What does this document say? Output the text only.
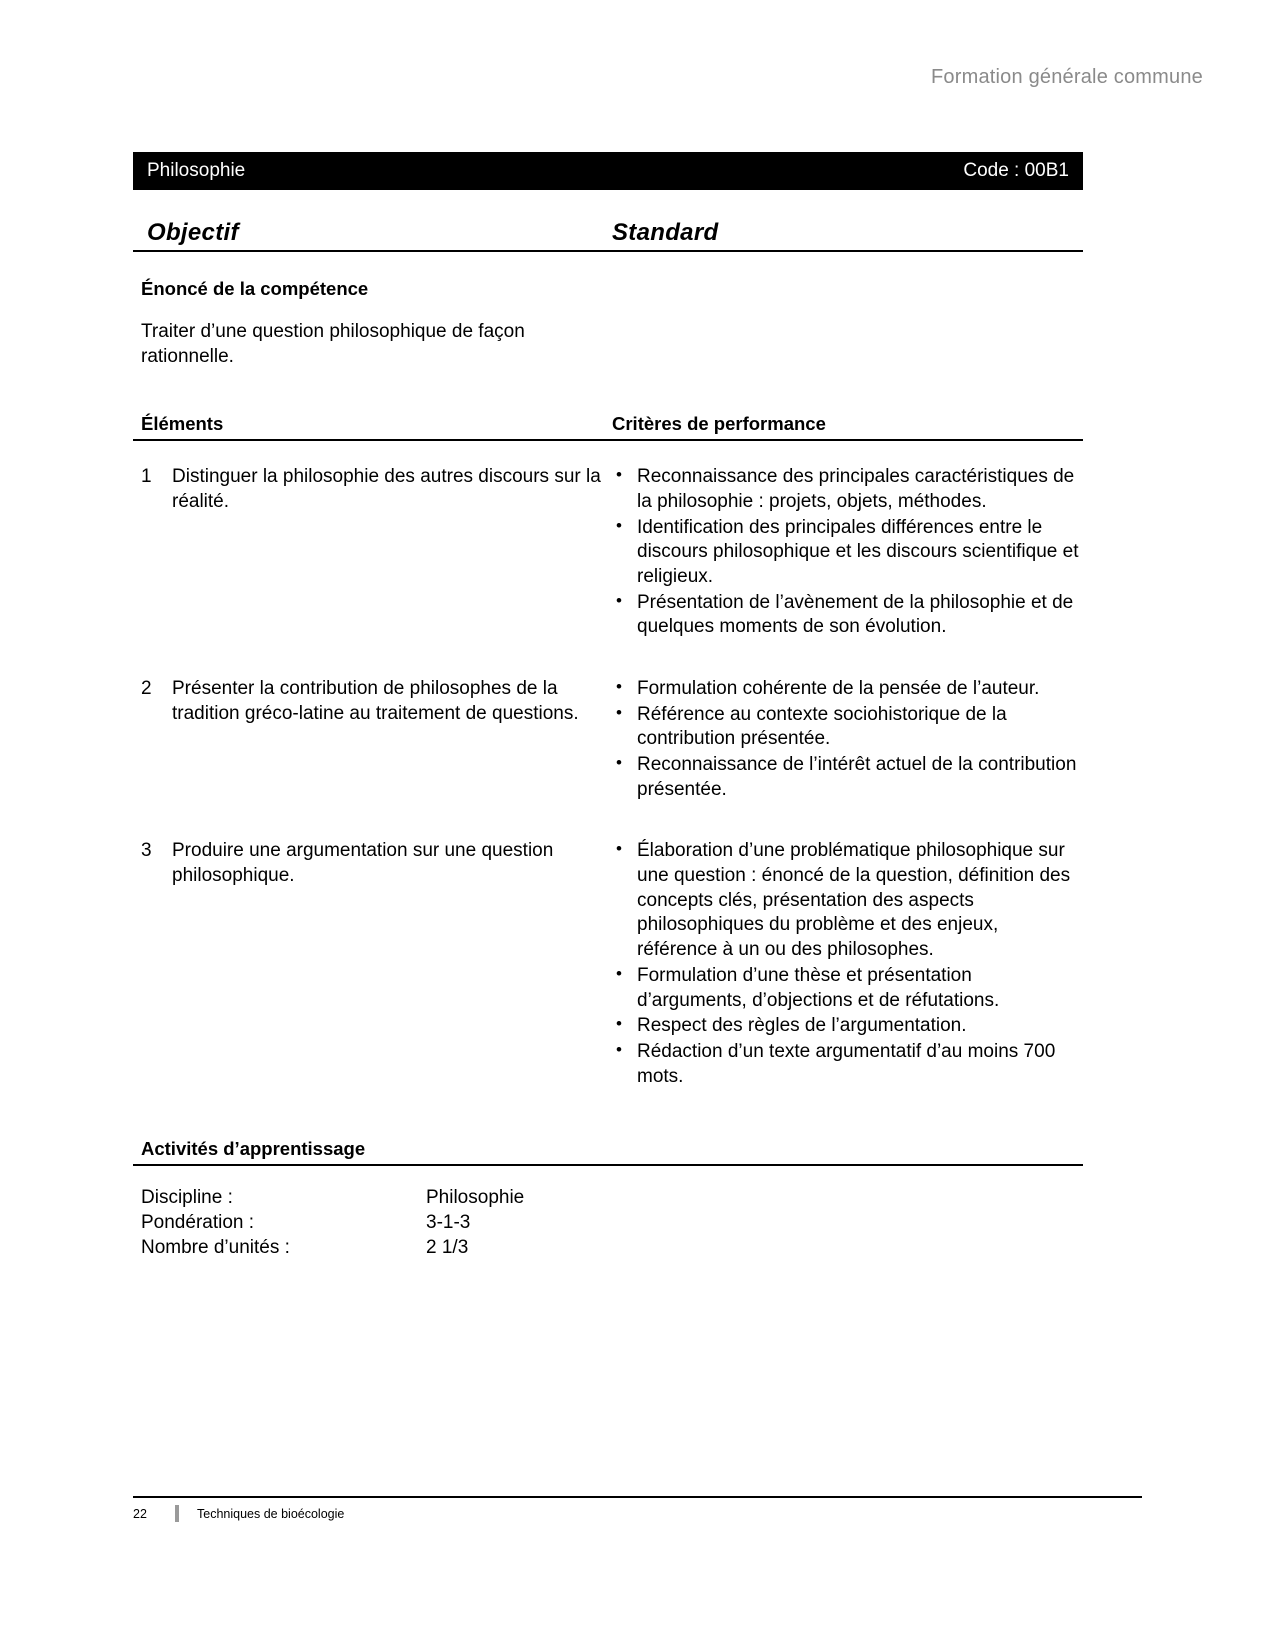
Formation générale commune
Philosophie	Code : 00B1
Objectif	Standard
Énoncé de la compétence
Traiter d’une question philosophique de façon rationnelle.
Éléments	Critères de performance
1	Distinguer la philosophie des autres discours sur la réalité.
• Reconnaissance des principales caractéristiques de la philosophie : projets, objets, méthodes.
• Identification des principales différences entre le discours philosophique et les discours scientifique et religieux.
• Présentation de l’avènement de la philosophie et de quelques moments de son évolution.
2	Présenter la contribution de philosophes de la tradition gréco-latine au traitement de questions.
• Formulation cohérente de la pensée de l’auteur.
• Référence au contexte sociohistorique de la contribution présentée.
• Reconnaissance de l’intérêt actuel de la contribution présentée.
3	Produire une argumentation sur une question philosophique.
• Élaboration d’une problématique philosophique sur une question : énoncé de la question, définition des concepts clés, présentation des aspects philosophiques du problème et des enjeux, référence à un ou des philosophes.
• Formulation d’une thèse et présentation d’arguments, d’objections et de réfutations.
• Respect des règles de l’argumentation.
• Rédaction d’un texte argumentatif d’au moins 700 mots.
Activités d’apprentissage
Discipline :	Philosophie
Pondération :	3-1-3
Nombre d’unités :	2 1/3
22	Techniques de bioécologie
